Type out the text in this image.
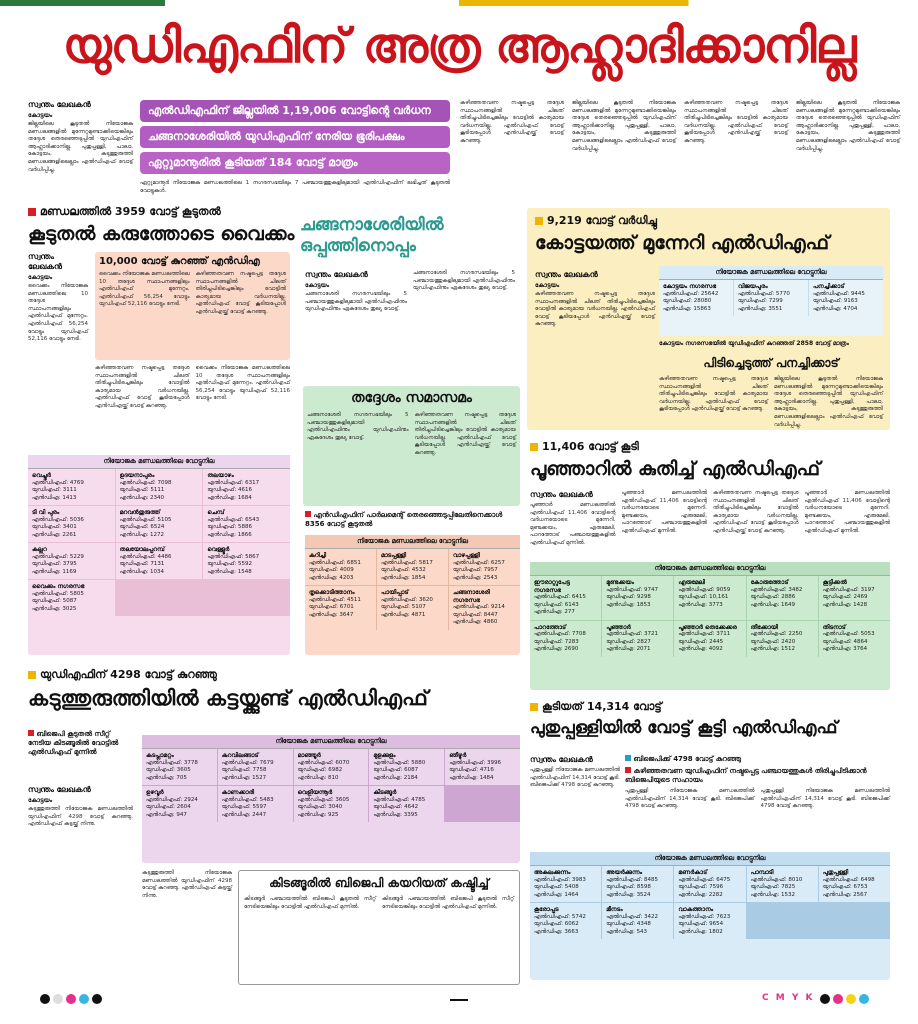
യുഡിഎഫിന് അത്ര ആഹ്ലാദിക്കാനില്ല
സ്വന്തം ലേഖകൻ
കോട്ടയം
ജില്ലയിലെ കൂടുതൽ നിയോജക മണ്ഡലങ്ങളിൽ മുന്നേറ്റമുണ്ടാക്കിയെങ്കിലും തദ്ദേശ തെരഞ്ഞെടുപ്പിൽ യുഡിഎഫിന് ആഹ്ലാദിക്കാനില്ല. പുതുപ്പള്ളി, പാലാ, കോട്ടയം, കടുത്തുരുത്തി മണ്ഡലങ്ങളിലെല്ലാം എൽഡിഎഫ് വോട്ട് വർധിപ്പിച്ചു.
എൽഡിഎഫിന് ജില്ലയിൽ 1,19,006 വോട്ടിന്റെ വർധന
ചങ്ങനാശേരിയിൽ യുഡിഎഫിന് നേരിയ ഭൂരിപക്ഷം
ഏറ്റുമാനൂരിൽ കൂടിയത് 184 വോട്ട് മാത്രം
ഏറ്റുമാനൂർ നിയോജക മണ്ഡലത്തിലെ 1 നഗരസഭയിലും 7 പഞ്ചായത്തുകളിലുമായി എൽഡിഎഫിന് ലഭിച്ചത് കൂടുതൽ വോട്ടുകൾ.
കഴിഞ്ഞതവണ നഷ്ടപ്പെട്ട തദ്ദേശ സ്ഥാപനങ്ങളിൽ ചിലത് തിരിച്ചുപിടിച്ചെങ്കിലും വോട്ടിൽ കാര്യമായ വർധനയില്ല. എൽഡിഎഫ് വോട്ട് കൂടിയപ്പോൾ എൻഡിഎയ്ക്ക് വോട്ട് കുറഞ്ഞു.
ജില്ലയിലെ കൂടുതൽ നിയോജക മണ്ഡലങ്ങളിൽ മുന്നേറ്റമുണ്ടാക്കിയെങ്കിലും തദ്ദേശ തെരഞ്ഞെടുപ്പിൽ യുഡിഎഫിന് ആഹ്ലാദിക്കാനില്ല. പുതുപ്പള്ളി, പാലാ, കോട്ടയം, കടുത്തുരുത്തി മണ്ഡലങ്ങളിലെല്ലാം എൽഡിഎഫ് വോട്ട് വർധിപ്പിച്ചു.
കഴിഞ്ഞതവണ നഷ്ടപ്പെട്ട തദ്ദേശ സ്ഥാപനങ്ങളിൽ ചിലത് തിരിച്ചുപിടിച്ചെങ്കിലും വോട്ടിൽ കാര്യമായ വർധനയില്ല. എൽഡിഎഫ് വോട്ട് കൂടിയപ്പോൾ എൻഡിഎയ്ക്ക് വോട്ട് കുറഞ്ഞു.
ജില്ലയിലെ കൂടുതൽ നിയോജക മണ്ഡലങ്ങളിൽ മുന്നേറ്റമുണ്ടാക്കിയെങ്കിലും തദ്ദേശ തെരഞ്ഞെടുപ്പിൽ യുഡിഎഫിന് ആഹ്ലാദിക്കാനില്ല. പുതുപ്പള്ളി, പാലാ, കോട്ടയം, കടുത്തുരുത്തി മണ്ഡലങ്ങളിലെല്ലാം എൽഡിഎഫ് വോട്ട് വർധിപ്പിച്ചു.
മണ്ഡലത്തിൽ 3959 വോട്ട് കൂടുതൽ
കൂടുതൽ കരുത്തോടെ വൈക്കം
സ്വന്തം ലേഖകൻ
കോട്ടയം
വൈക്കം നിയോജക മണ്ഡലത്തിലെ 10 തദ്ദേശ സ്ഥാപനങ്ങളിലും എൽഡിഎഫ് മുന്നേറ്റം. എൽഡിഎഫ് 56,254 വോട്ടും യുഡിഎഫ് 52,116 വോട്ടും നേടി.
10,000 വോട്ട് കുറഞ്ഞ് എൻഡിഎ
വൈക്കം നിയോജക മണ്ഡലത്തിലെ 10 തദ്ദേശ സ്ഥാപനങ്ങളിലും എൽഡിഎഫ് മുന്നേറ്റം. എൽഡിഎഫ് 56,254 വോട്ടും യുഡിഎഫ് 52,116 വോട്ടും നേടി.
കഴിഞ്ഞതവണ നഷ്ടപ്പെട്ട തദ്ദേശ സ്ഥാപനങ്ങളിൽ ചിലത് തിരിച്ചുപിടിച്ചെങ്കിലും വോട്ടിൽ കാര്യമായ വർധനയില്ല. എൽഡിഎഫ് വോട്ട് കൂടിയപ്പോൾ എൻഡിഎയ്ക്ക് വോട്ട് കുറഞ്ഞു.
കഴിഞ്ഞതവണ നഷ്ടപ്പെട്ട തദ്ദേശ സ്ഥാപനങ്ങളിൽ ചിലത് തിരിച്ചുപിടിച്ചെങ്കിലും വോട്ടിൽ കാര്യമായ വർധനയില്ല. എൽഡിഎഫ് വോട്ട് കൂടിയപ്പോൾ എൻഡിഎയ്ക്ക് വോട്ട് കുറഞ്ഞു.
വൈക്കം നിയോജക മണ്ഡലത്തിലെ 10 തദ്ദേശ സ്ഥാപനങ്ങളിലും എൽഡിഎഫ് മുന്നേറ്റം. എൽഡിഎഫ് 56,254 വോട്ടും യുഡിഎഫ് 52,116 വോട്ടും നേടി.
നിയോജക മണ്ഡലത്തിലെ വോട്ടുനില
വെച്ചൂർ
എൽഡിഎഫ്: 4769
യുഡിഎഫ്: 3111
എൻഡിഎ: 1413
ഉദയനാപുരം
എൽഡിഎഫ്: 7098
യുഡിഎഫ്: 5111
എൻഡിഎ: 2340
തലയാഴം
എൽഡിഎഫ്: 6317
യുഡിഎഫ്: 4616
എൻഡിഎ: 1684
ടി വി പുരം
എൽഡിഎഫ്: 5036
യുഡിഎഫ്: 3401
എൻഡിഎ: 2261
മറവൻതുരുത്ത്
എൽഡിഎഫ്: 5105
യുഡിഎഫ്: 6524
എൻഡിഎ: 1272
ചെമ്പ്
എൽഡിഎഫ്: 6543
യുഡിഎഫ്: 5886
എൻഡിഎ: 1866
കല്ലറ
എൽഡിഎഫ്: 5229
യുഡിഎഫ്: 3795
എൻഡിഎ: 1169
തലയോലപ്പറമ്പ്
എൽഡിഎഫ്: 4486
യുഡിഎഫ്: 7131
എൻഡിഎ: 1034
വെള്ളൂർ
എൽഡിഎഫ്: 5867
യുഡിഎഫ്: 5592
എൻഡിഎ: 1548
വൈക്കം നഗരസഭ
എൽഡിഎഫ്: 5805
യുഡിഎഫ്: 5087
എൻഡിഎ: 3025
ചങ്ങനാശേരിയിൽ
ഒപ്പത്തിനൊപ്പം
സ്വന്തം ലേഖകൻ
കോട്ടയം
ചങ്ങനാശേരി നഗരസഭയിലും 5 പഞ്ചായത്തുകളിലുമായി എൽഡിഎഫിനും യുഡിഎഫിനും ഏകദേശം തുല്യ വോട്ട്.
ചങ്ങനാശേരി നഗരസഭയിലും 5 പഞ്ചായത്തുകളിലുമായി എൽഡിഎഫിനും യുഡിഎഫിനും ഏകദേശം തുല്യ വോട്ട്.
തദ്ദേശം സമാസമം
ചങ്ങനാശേരി നഗരസഭയിലും 5 പഞ്ചായത്തുകളിലുമായി എൽഡിഎഫിനും യുഡിഎഫിനും ഏകദേശം തുല്യ വോട്ട്.
കഴിഞ്ഞതവണ നഷ്ടപ്പെട്ട തദ്ദേശ സ്ഥാപനങ്ങളിൽ ചിലത് തിരിച്ചുപിടിച്ചെങ്കിലും വോട്ടിൽ കാര്യമായ വർധനയില്ല. എൽഡിഎഫ് വോട്ട് കൂടിയപ്പോൾ എൻഡിഎയ്ക്ക് വോട്ട് കുറഞ്ഞു.
എൻഡിഎഫിന് പാർലമെന്റ് തെരഞ്ഞെടുപ്പിലേതിനെക്കാൾ 8356 വോട്ട് കൂടുതൽ
നിയോജക മണ്ഡലത്തിലെ വോട്ടുനില
കുറിച്ചി
എൽഡിഎഫ്: 6851
യുഡിഎഫ്: 4009
എൻഡിഎ: 4203
മാടപ്പള്ളി
എൽഡിഎഫ്: 5817
യുഡിഎഫ്: 4532
എൻഡിഎ: 1854
വാഴപ്പള്ളി
എൽഡിഎഫ്: 6257
യുഡിഎഫ്: 7957
എൻഡിഎ: 2543
തൃക്കൊടിത്താനം
എൽഡിഎഫ്: 4511
യുഡിഎഫ്: 6701
എൻഡിഎ: 3647
പായിപ്പാട്
എൽഡിഎഫ്: 3620
യുഡിഎഫ്: 5107
എൻഡിഎ: 4871
ചങ്ങനാശേരി നഗരസഭ
എൽഡിഎഫ്: 9214
യുഡിഎഫ്: 8447
എൻഡിഎ: 4860
9,219 വോട്ട് വർധിച്ചു
കോട്ടയത്ത് മുന്നേറി എൽഡിഎഫ്
സ്വന്തം ലേഖകൻ
കോട്ടയം
കഴിഞ്ഞതവണ നഷ്ടപ്പെട്ട തദ്ദേശ സ്ഥാപനങ്ങളിൽ ചിലത് തിരിച്ചുപിടിച്ചെങ്കിലും വോട്ടിൽ കാര്യമായ വർധനയില്ല. എൽഡിഎഫ് വോട്ട് കൂടിയപ്പോൾ എൻഡിഎയ്ക്ക് വോട്ട് കുറഞ്ഞു.
നിയോജക മണ്ഡലത്തിലെ വോട്ടുനില
കോട്ടയം നഗരസഭ
എൽഡിഎഫ്: 25642
യുഡിഎഫ്: 28080
എൻഡിഎ: 15863
വിജയപുരം
എൽഡിഎഫ്: 5770
യുഡിഎഫ്: 7299
എൻഡിഎ: 3551
പനച്ചിക്കാട്
എൽഡിഎഫ്: 9445
യുഡിഎഫ്: 9163
എൻഡിഎ: 4704
കോട്ടയം നഗരസഭയിൽ യുഡിഎഫിന് കുറഞ്ഞത് 2858 വോട്ട് മാത്രം
പിടിച്ചെടുത്ത് പനച്ചിക്കാട്
കഴിഞ്ഞതവണ നഷ്ടപ്പെട്ട തദ്ദേശ സ്ഥാപനങ്ങളിൽ ചിലത് തിരിച്ചുപിടിച്ചെങ്കിലും വോട്ടിൽ കാര്യമായ വർധനയില്ല. എൽഡിഎഫ് വോട്ട് കൂടിയപ്പോൾ എൻഡിഎയ്ക്ക് വോട്ട് കുറഞ്ഞു.
ജില്ലയിലെ കൂടുതൽ നിയോജക മണ്ഡലങ്ങളിൽ മുന്നേറ്റമുണ്ടാക്കിയെങ്കിലും തദ്ദേശ തെരഞ്ഞെടുപ്പിൽ യുഡിഎഫിന് ആഹ്ലാദിക്കാനില്ല. പുതുപ്പള്ളി, പാലാ, കോട്ടയം, കടുത്തുരുത്തി മണ്ഡലങ്ങളിലെല്ലാം എൽഡിഎഫ് വോട്ട് വർധിപ്പിച്ചു.
11,406 വോട്ട് കൂടി
പൂഞ്ഞാറിൽ കുതിച്ച് എൽഡിഎഫ്
സ്വന്തം ലേഖകൻ
പൂഞ്ഞാർ മണ്ഡലത്തിൽ എൽഡിഎഫ് 11,406 വോട്ടിന്റെ വർധനയോടെ മുന്നേറി. മുണ്ടക്കയം, എരുമേലി, പാറത്തോട് പഞ്ചായത്തുകളിൽ എൽഡിഎഫ് മുന്നിൽ.
പൂഞ്ഞാർ മണ്ഡലത്തിൽ എൽഡിഎഫ് 11,406 വോട്ടിന്റെ വർധനയോടെ മുന്നേറി. മുണ്ടക്കയം, എരുമേലി, പാറത്തോട് പഞ്ചായത്തുകളിൽ എൽഡിഎഫ് മുന്നിൽ.
കഴിഞ്ഞതവണ നഷ്ടപ്പെട്ട തദ്ദേശ സ്ഥാപനങ്ങളിൽ ചിലത് തിരിച്ചുപിടിച്ചെങ്കിലും വോട്ടിൽ കാര്യമായ വർധനയില്ല. എൽഡിഎഫ് വോട്ട് കൂടിയപ്പോൾ എൻഡിഎയ്ക്ക് വോട്ട് കുറഞ്ഞു.
പൂഞ്ഞാർ മണ്ഡലത്തിൽ എൽഡിഎഫ് 11,406 വോട്ടിന്റെ വർധനയോടെ മുന്നേറി. മുണ്ടക്കയം, എരുമേലി, പാറത്തോട് പഞ്ചായത്തുകളിൽ എൽഡിഎഫ് മുന്നിൽ.
നിയോജക മണ്ഡലത്തിലെ വോട്ടുനില
ഈരാറ്റുപേട്ട നഗരസഭ
എൽഡിഎഫ്: 6415
യുഡിഎഫ്: 6143
എൻഡിഎ: 277
മുണ്ടക്കയം
എൽഡിഎഫ്: 9747
യുഡിഎഫ്: 9298
എൻഡിഎ: 1853
എരുമേലി
എൽഡിഎഫ്: 9059
യുഡിഎഫ്: 10,161
എൻഡിഎ: 3773
കോരുത്തോട്
എൽഡിഎഫ്: 3482
യുഡിഎഫ്: 2886
എൻഡിഎ: 1649
കൂട്ടിക്കൽ
എൽഡിഎഫ്: 3197
യുഡിഎഫ്: 2469
എൻഡിഎ: 1428
പാറത്തോട്
എൽഡിഎഫ്: 7708
യുഡിഎഫ്: 7283
എൻഡിഎ: 2690
പൂഞ്ഞാർ
എൽഡിഎഫ്: 3721
യുഡിഎഫ്: 2827
എൻഡിഎ: 2071
പൂഞ്ഞാർ തെക്കേക്കര
എൽഡിഎഫ്: 3711
യുഡിഎഫ്: 2445
എൻഡിഎ: 4092
തീക്കോയി
എൽഡിഎഫ്: 2250
യുഡിഎഫ്: 2420
എൻഡിഎ: 1512
തിടനാട്
എൽഡിഎഫ്: 5053
യുഡിഎഫ്: 4864
എൻഡിഎ: 3764
യുഡിഎഫിന് 4298 വോട്ട് കുറഞ്ഞു
കടുത്തുരുത്തിയിൽ കട്ടയ്ക്കുണ്ട് എൽഡിഎഫ്
ബിജെപി കൂടുതൽ സീറ്റ് നേടിയ കിടങ്ങൂരിൽ വോട്ടിൽ എൽഡിഎഫ് മുന്നിൽ
സ്വന്തം ലേഖകൻ
കോട്ടയം
കടുത്തുരുത്തി നിയോജക മണ്ഡലത്തിൽ യുഡിഎഫിന് 4298 വോട്ട് കുറഞ്ഞു. എൽഡിഎഫ് കട്ടയ്ക്ക് നിന്നു.
നിയോജക മണ്ഡലത്തിലെ വോട്ടുനില
കടപ്ലാമറ്റം
എൽഡിഎഫ്: 3778
യുഡിഎഫ്: 3605
എൻഡിഎ: 705
കുറവിലങ്ങാട്
എൽഡിഎഫ്: 7679
യുഡിഎഫ്: 7758
എൻഡിഎ: 1527
മാഞ്ഞൂർ
എൽഡിഎഫ്: 6070
യുഡിഎഫ്: 6982
എൻഡിഎ: 810
മുളക്കുളം
എൽഡിഎഫ്: 5880
യുഡിഎഫ്: 6087
എൻഡിഎ: 2184
ഞീഴൂർ
എൽഡിഎഫ്: 3996
യുഡിഎഫ്: 4716
എൻഡിഎ: 1484
ഉഴവൂർ
എൽഡിഎഫ്: 2924
യുഡിഎഫ്: 2604
എൻഡിഎ: 947
കാണക്കാരി
എൽഡിഎഫ്: 5483
യുഡിഎഫ്: 5597
എൻഡിഎ: 2447
വെളിയന്നൂർ
എൽഡിഎഫ്: 3605
യുഡിഎഫ്: 3040
എൻഡിഎ: 925
കിടങ്ങൂർ
എൽഡിഎഫ്: 4785
യുഡിഎഫ്: 4642
എൻഡിഎ: 3395
കടുത്തുരുത്തി നിയോജക മണ്ഡലത്തിൽ യുഡിഎഫിന് 4298 വോട്ട് കുറഞ്ഞു. എൽഡിഎഫ് കട്ടയ്ക്ക് നിന്നു.
കിടങ്ങൂരിൽ ബിജെപി കയറിയത് കഷ്ടിച്ച്
കിടങ്ങൂർ പഞ്ചായത്തിൽ ബിജെപി കൂടുതൽ സീറ്റ് നേടിയെങ്കിലും വോട്ടിൽ എൽഡിഎഫ് മുന്നിൽ.
കിടങ്ങൂർ പഞ്ചായത്തിൽ ബിജെപി കൂടുതൽ സീറ്റ് നേടിയെങ്കിലും വോട്ടിൽ എൽഡിഎഫ് മുന്നിൽ.
കൂടിയത് 14,314 വോട്ട്
പുതുപ്പള്ളിയിൽ വോട്ട് കൂട്ടി എൽഡിഎഫ്
സ്വന്തം ലേഖകൻ
പുതുപ്പള്ളി നിയോജക മണ്ഡലത്തിൽ എൽഡിഎഫിന് 14,314 വോട്ട് കൂടി. ബിജെപിക്ക് 4798 വോട്ട് കുറഞ്ഞു.
ബിജെപിക്ക് 4798 വോട്ട് കുറഞ്ഞു
കഴിഞ്ഞതവണ യുഡിഎഫിന് നഷ്ടപ്പെട്ട പഞ്ചായത്തുകൾ തിരിച്ചുപിടിക്കാൻ ബിജെപിയുടെ സഹായം
പുതുപ്പള്ളി നിയോജക മണ്ഡലത്തിൽ എൽഡിഎഫിന് 14,314 വോട്ട് കൂടി. ബിജെപിക്ക് 4798 വോട്ട് കുറഞ്ഞു.
പുതുപ്പള്ളി നിയോജക മണ്ഡലത്തിൽ എൽഡിഎഫിന് 14,314 വോട്ട് കൂടി. ബിജെപിക്ക് 4798 വോട്ട് കുറഞ്ഞു.
നിയോജക മണ്ഡലത്തിലെ വോട്ടുനില
അകലക്കുന്നം
എൽഡിഎഫ്: 3983
യുഡിഎഫ്: 5408
എൻഡിഎ: 1464
അയർക്കുന്നം
എൽഡിഎഫ്: 8485
യുഡിഎഫ്: 8598
എൻഡിഎ: 3524
മണർകാട്
എൽഡിഎഫ്: 6475
യുഡിഎഫ്: 7596
എൻഡിഎ: 2282
പാമ്പാടി
എൽഡിഎഫ്: 8010
യുഡിഎഫ്: 7825
എൻഡിഎ: 1532
പുതുപ്പള്ളി
എൽഡിഎഫ്: 6498
യുഡിഎഫ്: 6753
എൻഡിഎ: 2567
കൂരോപ്പട
എൽഡിഎഫ്: 5742
യുഡിഎഫ്: 6062
എൻഡിഎ: 3663
മീനടം
എൽഡിഎഫ്: 3422
യുഡിഎഫ്: 4348
എൻഡിഎ: 543
വാകത്താനം
എൽഡിഎഫ്: 7623
യുഡിഎഫ്: 9654
എൻഡിഎ: 1802
C M Y K
